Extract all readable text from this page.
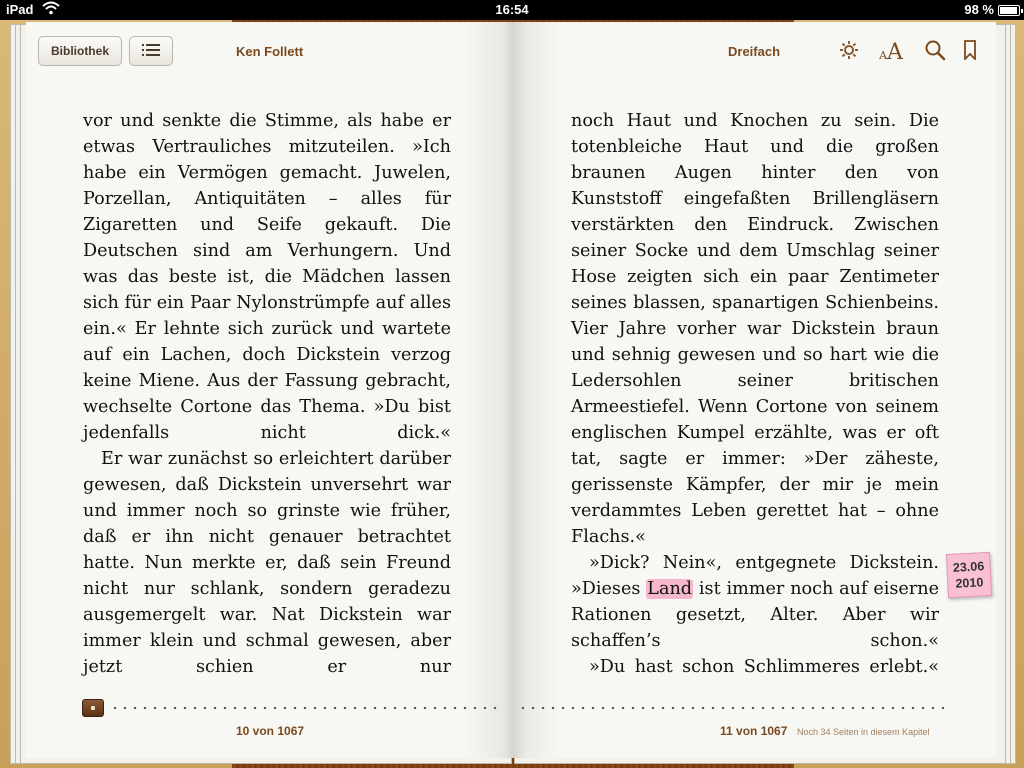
iPad	16:54	98 %
Bibliothek	Ken Follett	Dreifach	A A

vor und senkte die Stimme, als habe er etwas Vertrauliches mitzuteilen. »Ich habe ein Vermögen gemacht. Juwelen, Porzellan, Antiquitäten – alles für Zigaretten und Seife gekauft. Die Deutschen sind am Verhungern. Und was das beste ist, die Mädchen lassen sich für ein Paar Nylonstrümpfe auf alles ein.« Er lehnte sich zurück und wartete auf ein Lachen, doch Dickstein verzog keine Miene. Aus der Fassung gebracht, wechselte Cortone das Thema. »Du bist jedenfalls nicht dick.«

Er war zunächst so erleichtert darüber gewesen, daß Dickstein unversehrt war und immer noch so grinste wie früher, daß er ihn nicht genauer betrachtet hatte. Nun merkte er, daß sein Freund nicht nur schlank, sondern geradezu ausgemergelt war. Nat Dickstein war immer klein und schmal gewesen, aber jetzt schien er nur

noch Haut und Knochen zu sein. Die totenbleiche Haut und die großen braunen Augen hinter den von Kunststoff eingefaßten Brillengläsern verstärkten den Eindruck. Zwischen seiner Socke und dem Umschlag seiner Hose zeigten sich ein paar Zentimeter seines blassen, spanartigen Schienbeins. Vier Jahre vorher war Dickstein braun und sehnig gewesen und so hart wie die Ledersohlen seiner britischen Armeestiefel. Wenn Cortone von seinem englischen Kumpel erzählte, was er oft tat, sagte er immer: »Der zäheste, gerissenste Kämpfer, der mir je mein verdammtes Leben gerettet hat – ohne Flachs.«

»Dick? Nein«, entgegnete Dickstein. »Dieses Land ist immer noch auf eiserne Rationen gesetzt, Alter. Aber wir schaffen’s schon.«

»Du hast schon Schlimmeres erlebt.«

23.06
2010
10 von 1067	11 von 1067 Noch 34 Seiten in diesem Kapitel
